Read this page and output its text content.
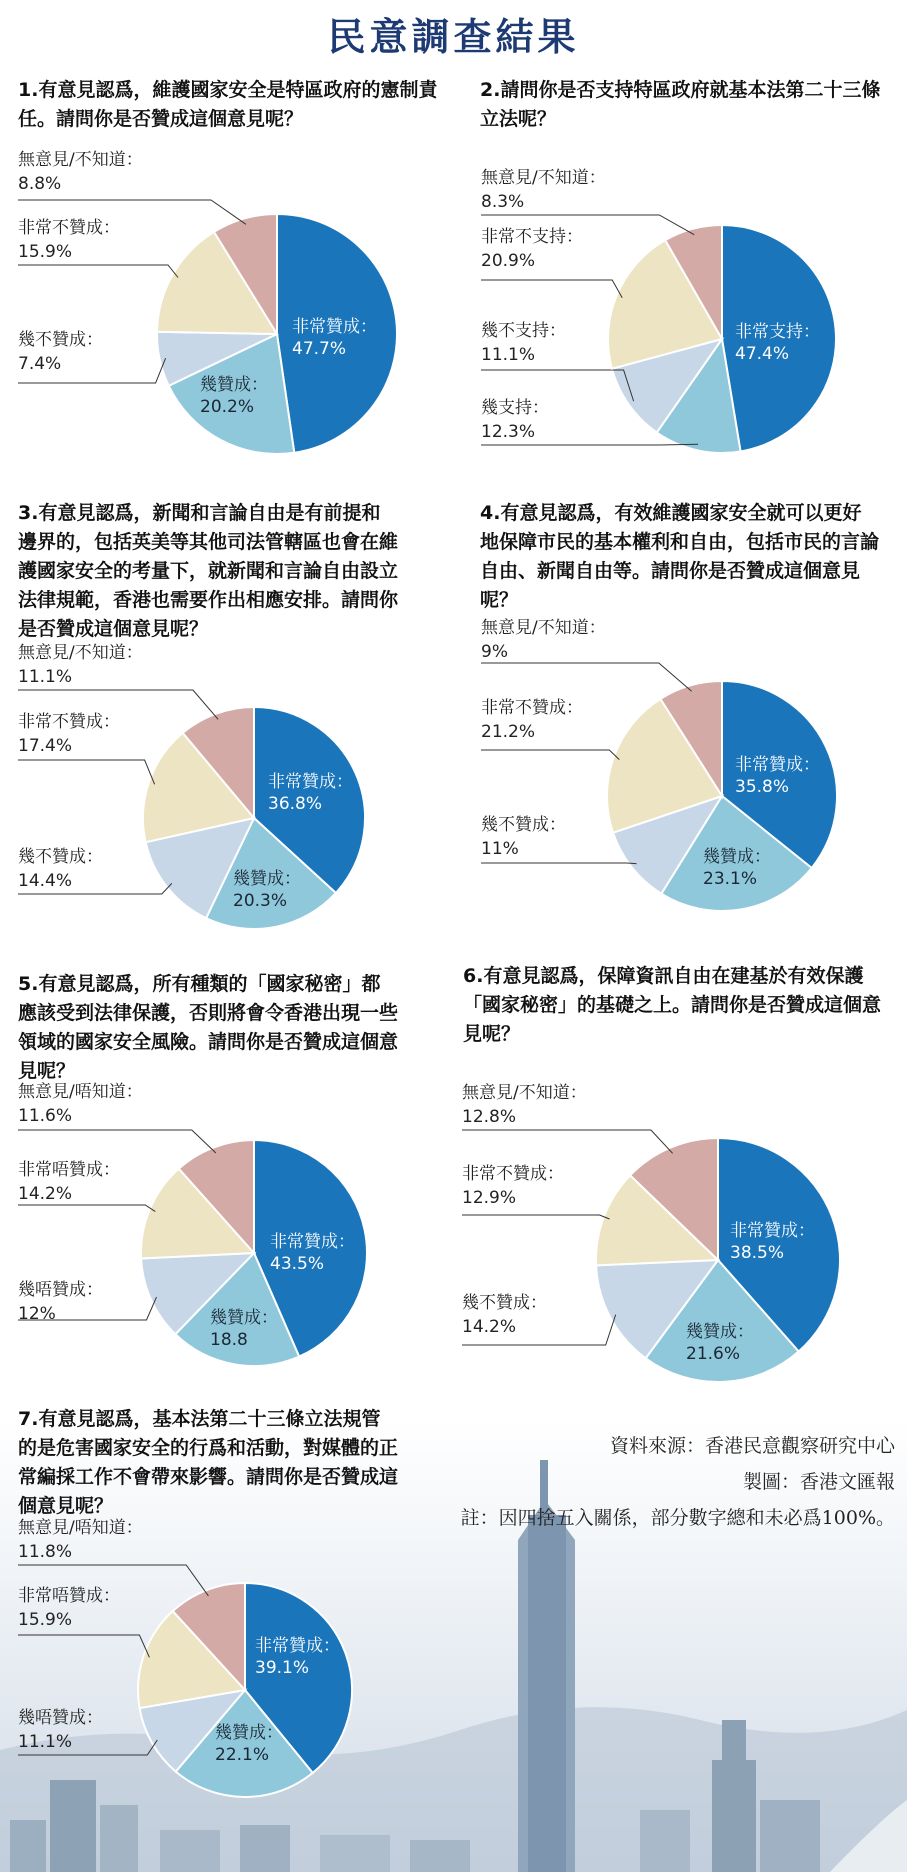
民意調查結果
1.有意見認爲，維護國家安全是特區政府的憲制責任。請問你是否贊成這個意見呢？
2.請問你是否支持特區政府就基本法第二十三條立法呢？
3.有意見認爲，新聞和言論自由是有前提和邊界的，包括英美等其他司法管轄區也會在維護國家安全的考量下，就新聞和言論自由設立法律規範，香港也需要作出相應安排。請問你是否贊成這個意見呢？
4.有意見認爲，有效維護國家安全就可以更好地保障市民的基本權利和自由，包括市民的言論自由、新聞自由等。請問你是否贊成這個意見呢？
5.有意見認爲，所有種類的「國家秘密」都應該受到法律保護，否則將會令香港出現一些領域的國家安全風險。請問你是否贊成這個意見呢？
6.有意見認爲，保障資訊自由在建基於有效保護「國家秘密」的基礎之上。請問你是否贊成這個意見呢？
7.有意見認爲，基本法第二十三條立法規管的是危害國家安全的行爲和活動，對媒體的正常編採工作不會帶來影響。請問你是否贊成這個意見呢？
資料來源：香港民意觀察研究中心
製圖：香港文匯報
註：因四捨五入關係，部分數字總和未必爲100%。
非常贊成：
47.7%
幾贊成：
20.2%
幾不贊成：
7.4%
非常不贊成：
15.9%
無意見/不知道：
8.8%
非常支持：
47.4%
幾支持：
12.3%
幾不支持：
11.1%
非常不支持：
20.9%
無意見/不知道：
8.3%
非常贊成：
36.8%
幾贊成：
20.3%
幾不贊成：
14.4%
非常不贊成：
17.4%
無意見/不知道：
11.1%
非常贊成：
35.8%
幾贊成：
23.1%
幾不贊成：
11%
非常不贊成：
21.2%
無意見/不知道：
9%
非常贊成：
43.5%
幾贊成：
18.8
幾唔贊成：
12%
非常唔贊成：
14.2%
無意見/唔知道：
11.6%
非常贊成：
38.5%
幾贊成：
21.6%
幾不贊成：
14.2%
非常不贊成：
12.9%
無意見/不知道：
12.8%
非常贊成：
39.1%
幾贊成：
22.1%
幾唔贊成：
11.1%
非常唔贊成：
15.9%
無意見/唔知道：
11.8%
